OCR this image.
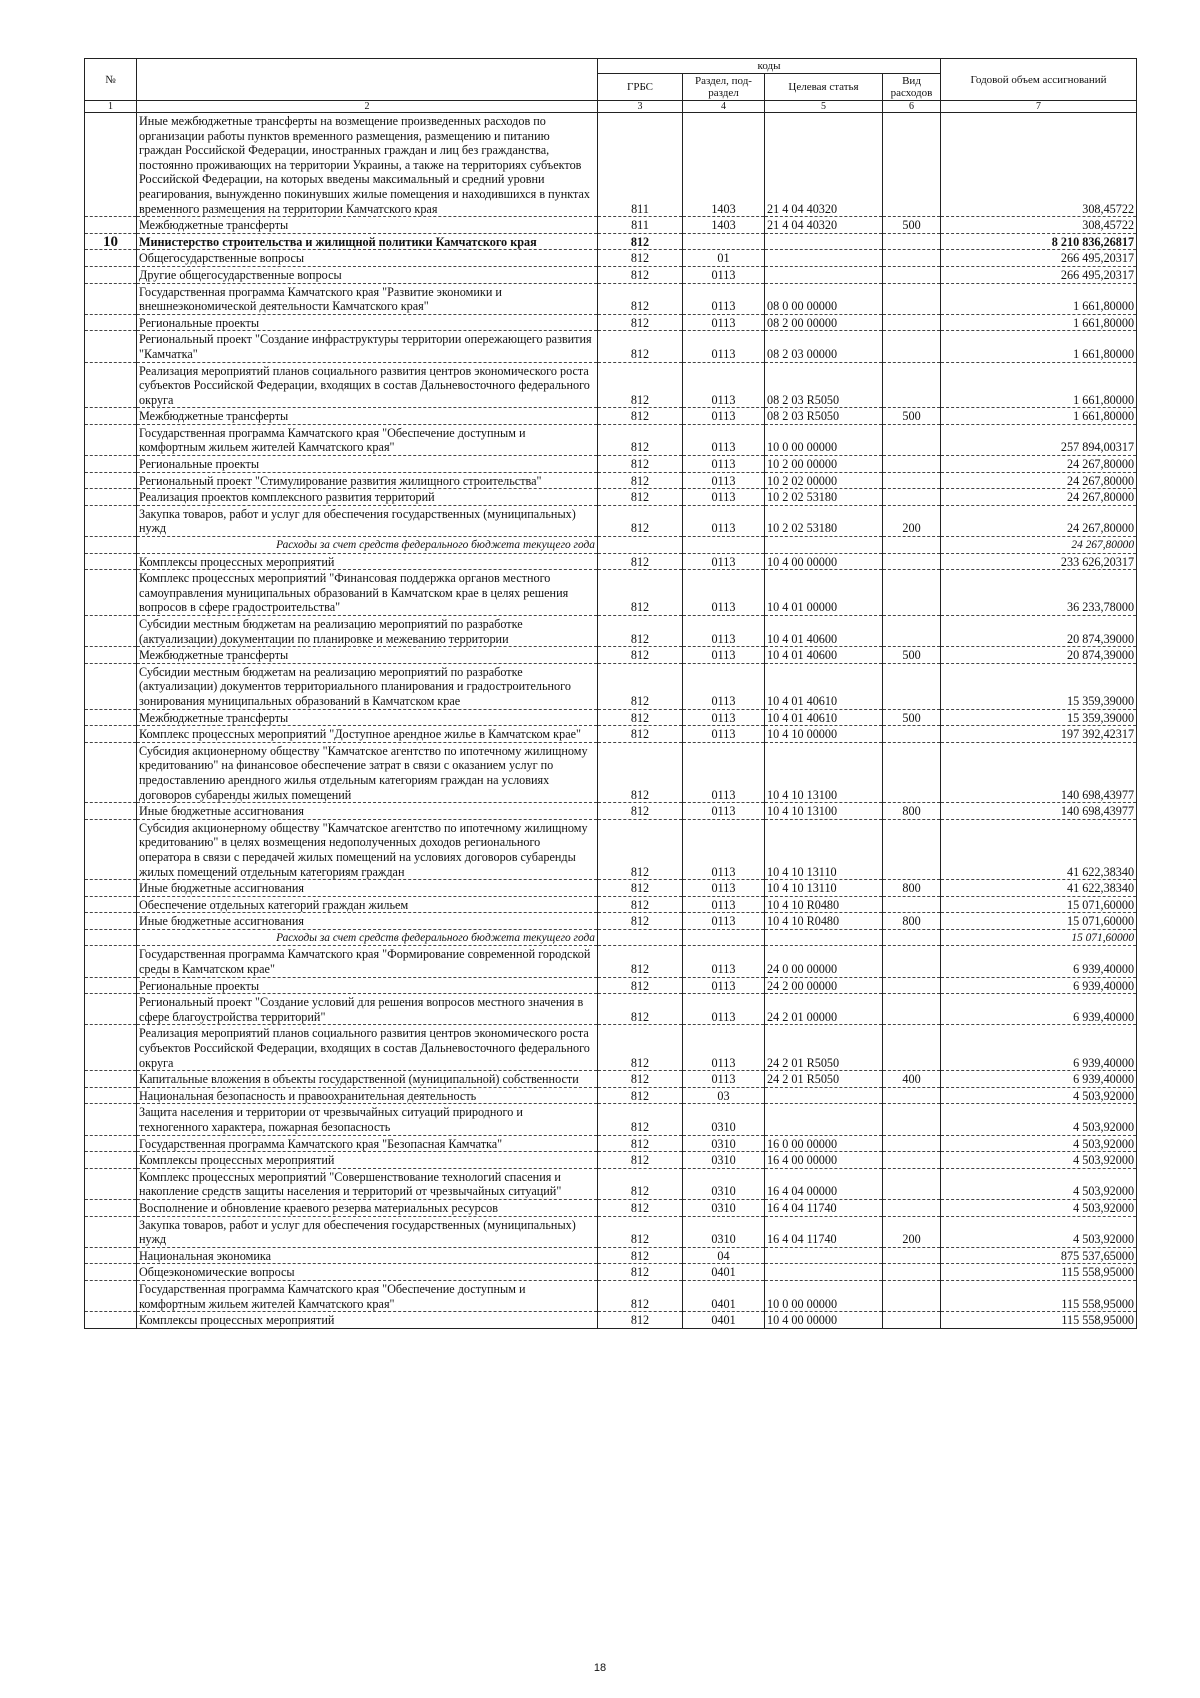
№		коды				Годовой объем ассигнований
		ГРБС	Раздел, под-раздел	Целевая статья	Вид расходов	
1	2	3	4	5	6	7
	Иные межбюджетные трансферты на возмещение произведенных расходов по организации работы пунктов временного размещения, размещению и питанию граждан Российской Федерации, иностранных граждан и лиц без гражданства, постоянно проживающих на территории Украины, а также на территориях субъектов Российской Федерации, на которых введены максимальный и средний уровни реагирования, вынужденно покинувших жилые помещения и находившихся в пунктах временного размещения на территории Камчатского края	811	1403	21 4 04 40320		308,45722
	Межбюджетные трансферты	811	1403	21 4 04 40320	500	308,45722
10	Министерство строительства и жилищной политики Камчатского края	812				8 210 836,26817
	Общегосударственные вопросы	812	01			266 495,20317
	Другие общегосударственные вопросы	812	0113			266 495,20317
	Государственная программа Камчатского края "Развитие экономики и внешнеэкономической деятельности Камчатского края"	812	0113	08 0 00 00000		1 661,80000
	Региональные проекты	812	0113	08 2 00 00000		1 661,80000
	Региональный проект "Создание инфраструктуры территории опережающего развития "Камчатка"	812	0113	08 2 03 00000		1 661,80000
	Реализация мероприятий планов социального развития центров экономического роста субъектов Российской Федерации, входящих в состав Дальневосточного федерального округа	812	0113	08 2 03 R5050		1 661,80000
	Межбюджетные трансферты	812	0113	08 2 03 R5050	500	1 661,80000
	Государственная программа Камчатского края "Обеспечение доступным и комфортным жильем жителей Камчатского края"	812	0113	10 0 00 00000		257 894,00317
	Региональные проекты	812	0113	10 2 00 00000		24 267,80000
	Региональный проект "Стимулирование развития жилищного строительства"	812	0113	10 2 02 00000		24 267,80000
	Реализация проектов комплексного развития территорий	812	0113	10 2 02 53180		24 267,80000
	Закупка товаров, работ и услуг для обеспечения государственных (муниципальных) нужд	812	0113	10 2 02 53180	200	24 267,80000
	Расходы за счет средств федерального бюджета текущего года					24 267,80000
	Комплексы процессных мероприятий	812	0113	10 4 00 00000		233 626,20317
	Комплекс процессных мероприятий "Финансовая поддержка органов местного самоуправления муниципальных образований в Камчатском крае в целях решения вопросов в сфере градостроительства"	812	0113	10 4 01 00000		36 233,78000
	Субсидии местным бюджетам на реализацию мероприятий по разработке (актуализации) документации по планировке и межеванию территории	812	0113	10 4 01 40600		20 874,39000
	Межбюджетные трансферты	812	0113	10 4 01 40600	500	20 874,39000
	Субсидии местным бюджетам на реализацию мероприятий по разработке (актуализации) документов территориального планирования и градостроительного зонирования муниципальных образований в Камчатском крае	812	0113	10 4 01 40610		15 359,39000
	Межбюджетные трансферты	812	0113	10 4 01 40610	500	15 359,39000
	Комплекс процессных мероприятий "Доступное арендное жилье в Камчатском крае"	812	0113	10 4 10 00000		197 392,42317
	Субсидия акционерному обществу "Камчатское агентство по ипотечному жилищному кредитованию" на финансовое обеспечение затрат в связи с оказанием услуг по предоставлению арендного жилья отдельным категориям граждан на условиях договоров субаренды жилых помещений	812	0113	10 4 10 13100		140 698,43977
	Иные бюджетные ассигнования	812	0113	10 4 10 13100	800	140 698,43977
	Субсидия акционерному обществу "Камчатское агентство по ипотечному жилищному кредитованию" в целях возмещения недополученных доходов регионального оператора в связи с передачей жилых помещений на условиях договоров субаренды жилых помещений отдельным категориям граждан	812	0113	10 4 10 13110		41 622,38340
	Иные бюджетные ассигнования	812	0113	10 4 10 13110	800	41 622,38340
	Обеспечение отдельных категорий граждан жильем	812	0113	10 4 10 R0480		15 071,60000
	Иные бюджетные ассигнования	812	0113	10 4 10 R0480	800	15 071,60000
	Расходы за счет средств федерального бюджета текущего года					15 071,60000
	Государственная программа Камчатского края "Формирование современной городской среды в Камчатском крае"	812	0113	24 0 00 00000		6 939,40000
	Региональные проекты	812	0113	24 2 00 00000		6 939,40000
	Региональный проект "Создание условий для решения вопросов местного значения в сфере благоустройства территорий"	812	0113	24 2 01 00000		6 939,40000
	Реализация мероприятий планов социального развития центров экономического роста субъектов Российской Федерации, входящих в состав Дальневосточного федерального округа	812	0113	24 2 01 R5050		6 939,40000
	Капитальные вложения в объекты государственной (муниципальной) собственности	812	0113	24 2 01 R5050	400	6 939,40000
	Национальная безопасность и правоохранительная деятельность	812	03			4 503,92000
	Защита населения и территории от чрезвычайных ситуаций природного и техногенного характера, пожарная безопасность	812	0310			4 503,92000
	Государственная программа Камчатского края "Безопасная Камчатка"	812	0310	16 0 00 00000		4 503,92000
	Комплексы процессных мероприятий	812	0310	16 4 00 00000		4 503,92000
	Комплекс процессных мероприятий "Совершенствование технологий спасения и накопление средств защиты населения и территорий от чрезвычайных ситуаций"	812	0310	16 4 04 00000		4 503,92000
	Восполнение и обновление краевого резерва материальных ресурсов	812	0310	16 4 04 11740		4 503,92000
	Закупка товаров, работ и услуг для обеспечения государственных (муниципальных) нужд	812	0310	16 4 04 11740	200	4 503,92000
	Национальная экономика	812	04			875 537,65000
	Общеэкономические вопросы	812	0401			115 558,95000
	Государственная программа Камчатского края "Обеспечение доступным и комфортным жильем жителей Камчатского края"	812	0401	10 0 00 00000		115 558,95000
	Комплексы процессных мероприятий	812	0401	10 4 00 00000		115 558,95000
18
